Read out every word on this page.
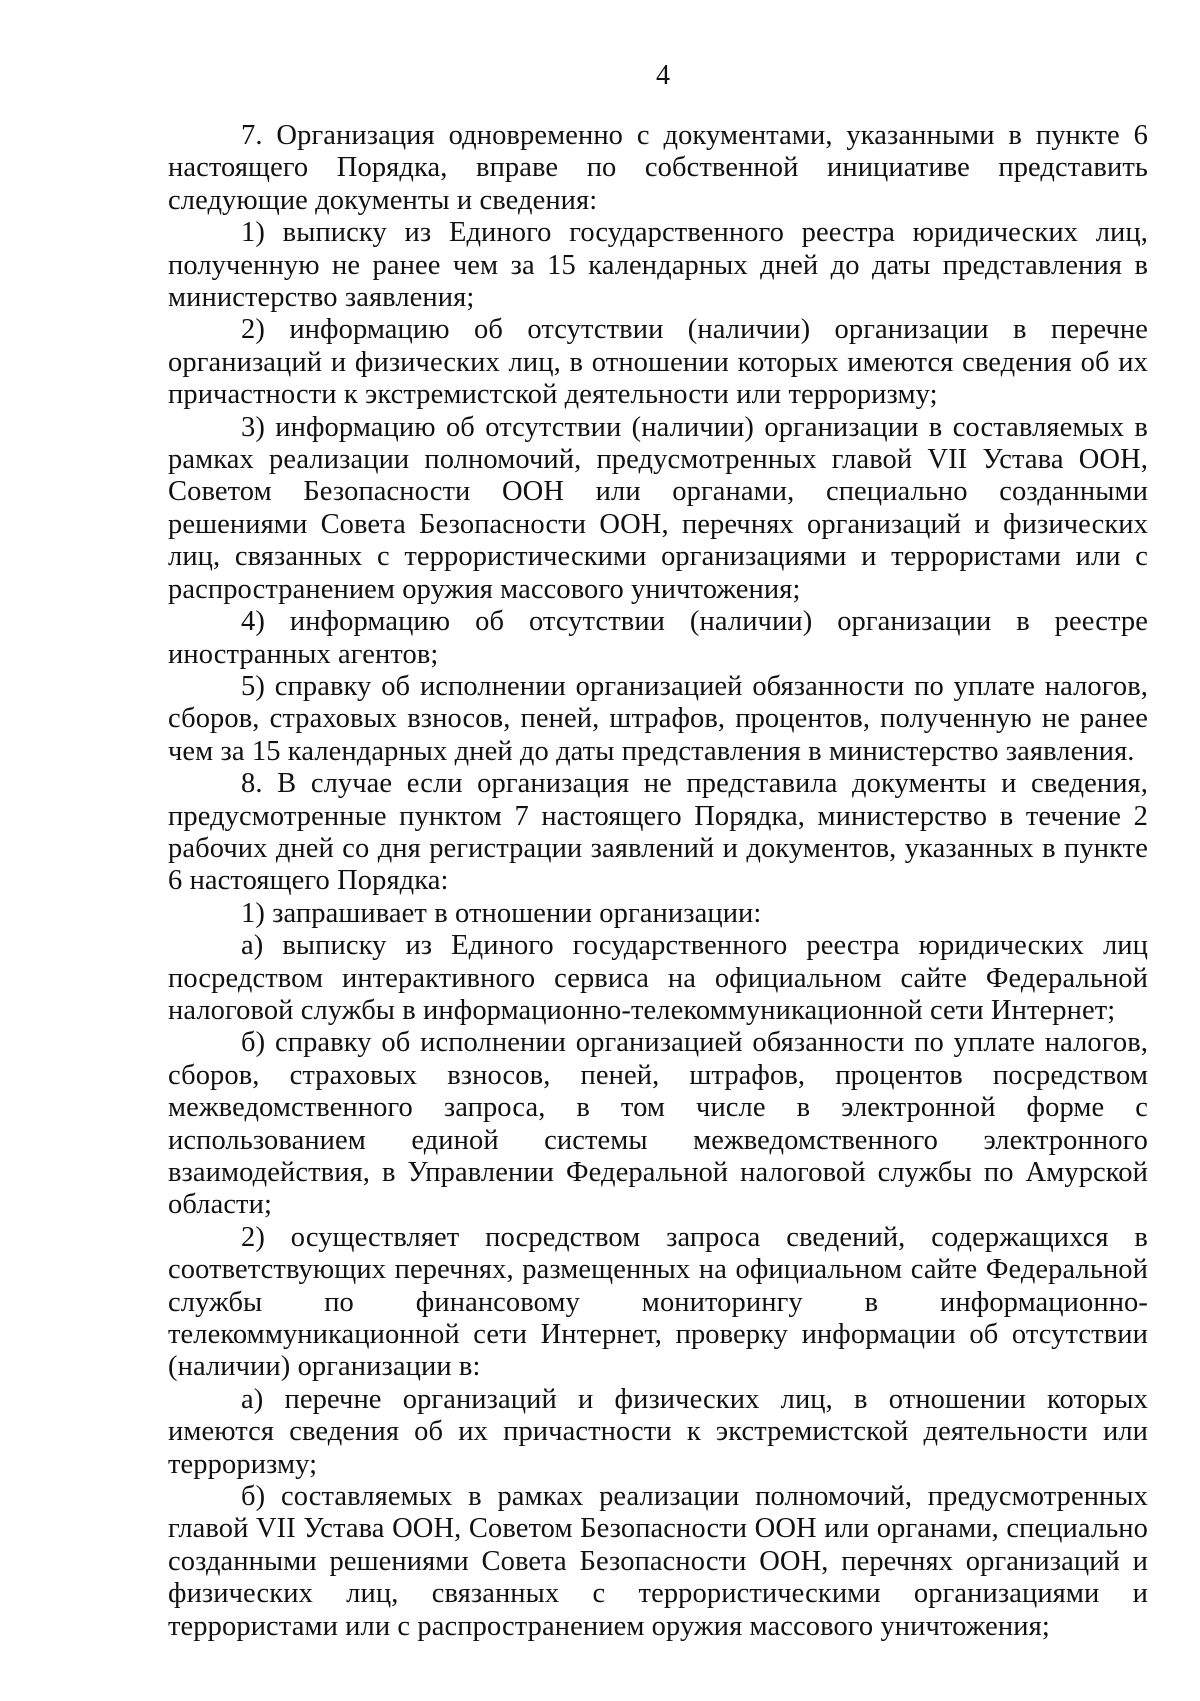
4

7. Организация одновременно с документами, указанными в пункте 6 настоящего Порядка, вправе по собственной инициативе представить следующие документы и сведения:

1) выписку из Единого государственного реестра юридических лиц, полученную не ранее чем за 15 календарных дней до даты представления в министерство заявления;

2) информацию об отсутствии (наличии) организации в перечне организаций и физических лиц, в отношении которых имеются сведения об их причастности к экстремистской деятельности или терроризму;

3) информацию об отсутствии (наличии) организации в составляемых в рамках реализации полномочий, предусмотренных главой VII Устава ООН, Советом Безопасности ООН или органами, специально созданными решениями Совета Безопасности ООН, перечнях организаций и физических лиц, связанных с террористическими организациями и террористами или с распространением оружия массового уничтожения;

4) информацию об отсутствии (наличии) организации в реестре иностранных агентов;

5) справку об исполнении организацией обязанности по уплате налогов, сборов, страховых взносов, пеней, штрафов, процентов, полученную не ранее чем за 15 календарных дней до даты представления в министерство заявления.

8. В случае если организация не представила документы и сведения, предусмотренные пунктом 7 настоящего Порядка, министерство в течение 2 рабочих дней со дня регистрации заявлений и документов, указанных в пункте 6 настоящего Порядка:

1) запрашивает в отношении организации:

а) выписку из Единого государственного реестра юридических лиц посредством интерактивного сервиса на официальном сайте Федеральной налоговой службы в информационно-телекоммуникационной сети Интернет;

б) справку об исполнении организацией обязанности по уплате налогов, сборов, страховых взносов, пеней, штрафов, процентов посредством межведомственного запроса, в том числе в электронной форме с использованием единой системы межведомственного электронного взаимодействия, в Управлении Федеральной налоговой службы по Амурской области;

2) осуществляет посредством запроса сведений, содержащихся в соответствующих перечнях, размещенных на официальном сайте Федеральной службы по финансовому мониторингу в информационно-телекоммуникационной сети Интернет, проверку информации об отсутствии (наличии) организации в:

а) перечне организаций и физических лиц, в отношении которых имеются сведения об их причастности к экстремистской деятельности или терроризму;

б) составляемых в рамках реализации полномочий, предусмотренных главой VII Устава ООН, Советом Безопасности ООН или органами, специально созданными решениями Совета Безопасности ООН, перечнях организаций и физических лиц, связанных с террористическими организациями и террористами или с распространением оружия массового уничтожения;
